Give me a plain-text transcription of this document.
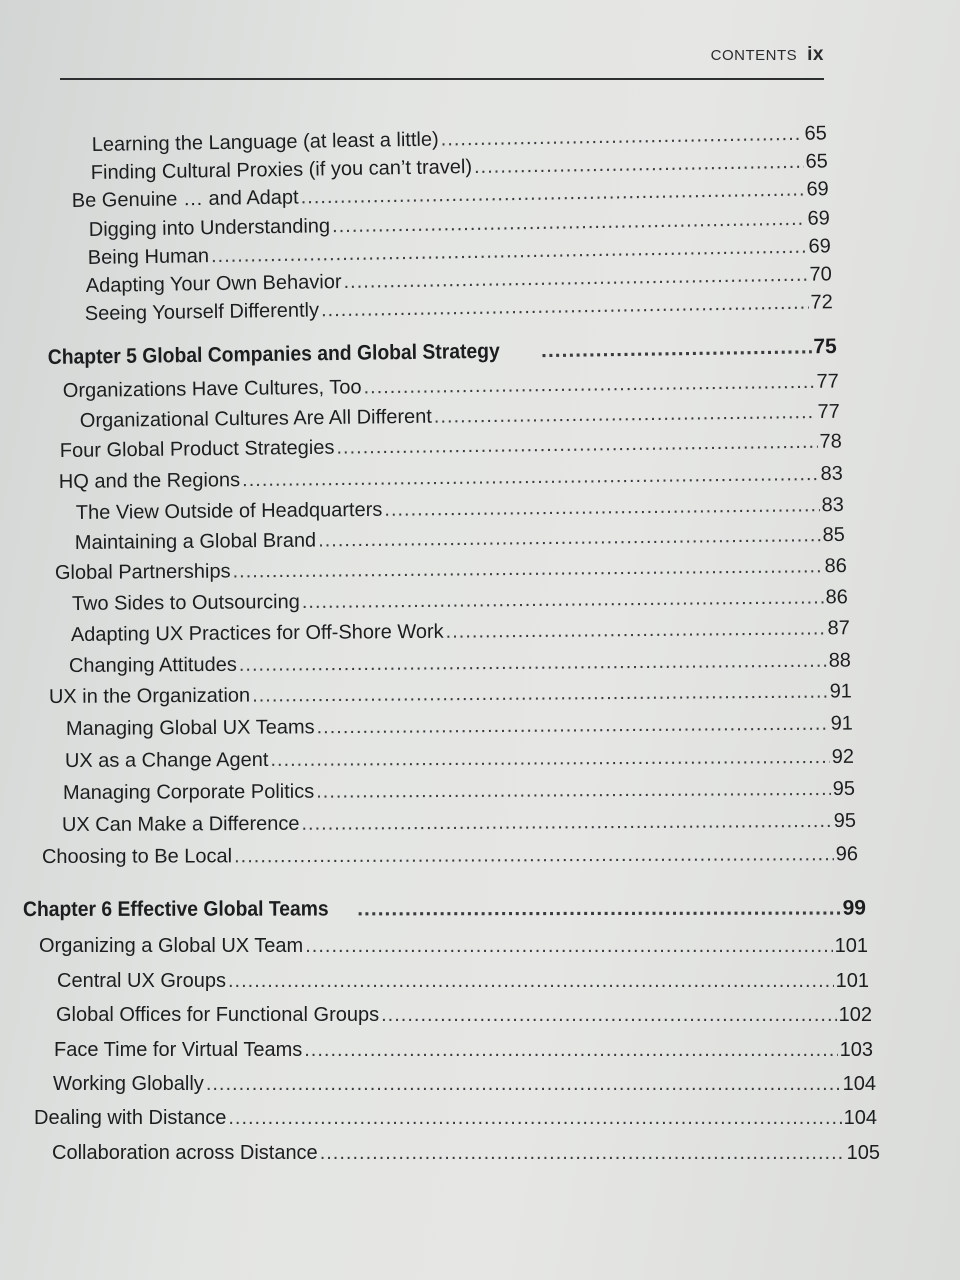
CONTENTS ix
Learning the Language (at least a little) .....	65
Finding Cultural Proxies (if you can’t travel) .....	65
Be Genuine … and Adapt .....	69
Digging into Understanding .....	69
Being Human .....	69
Adapting Your Own Behavior .....	70
Seeing Yourself Differently .....	72
Chapter 5 Global Companies and Global Strategy .....	75
Organizations Have Cultures, Too .....	77
Organizational Cultures Are All Different .....	77
Four Global Product Strategies .....	78
HQ and the Regions .....	83
The View Outside of Headquarters .....	83
Maintaining a Global Brand .....	85
Global Partnerships .....	86
Two Sides to Outsourcing .....	86
Adapting UX Practices for Off-Shore Work .....	87
Changing Attitudes .....	88
UX in the Organization .....	91
Managing Global UX Teams .....	91
UX as a Change Agent .....	92
Managing Corporate Politics .....	95
UX Can Make a Difference .....	95
Choosing to Be Local .....	96
Chapter 6 Effective Global Teams .....	99
Organizing a Global UX Team .....	101
Central UX Groups .....	101
Global Offices for Functional Groups .....	102
Face Time for Virtual Teams .....	103
Working Globally .....	104
Dealing with Distance .....	104
Collaboration across Distance .....	105
